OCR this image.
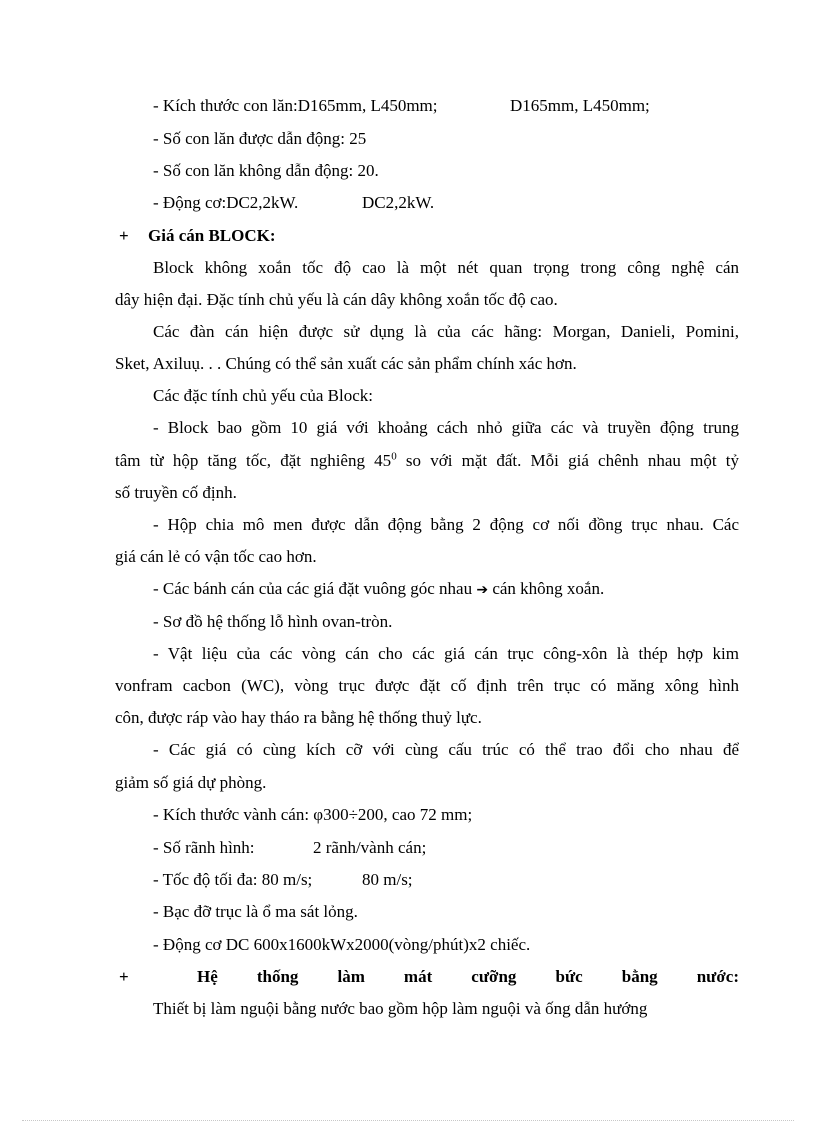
- Kích thước con lăn:D165mm, L450mm;	D165mm, L450mm;
- Số con lăn được dẫn động: 25
- Số con lăn không dẫn động: 20.
- Động cơ:DC2,2kW.	DC2,2kW.
+ Giá cán BLOCK:
Block không xoắn tốc độ cao là một nét quan trọng trong công nghệ cán
dây hiện đại. Đặc tính chủ yếu là cán dây không xoắn tốc độ cao.
Các đàn cán hiện được sử dụng là của các hãng: Morgan, Danieli, Pomini,
Sket, Axiluụ. . . Chúng có thể sản xuất các sản phẩm chính xác hơn.
Các đặc tính chủ yếu của Block:
- Block bao gồm 10 giá với khoảng cách nhỏ giữa các và truyền động trung
tâm từ hộp tăng tốc, đặt nghiêng $45^0$ so với mặt đất. Mỗi giá chênh nhau một tỷ
số truyền cố định.
- Hộp chia mô men được dẫn động bằng 2 động cơ nối đồng trục nhau. Các
giá cán lẻ có vận tốc cao hơn.
- Các bánh cán của các giá đặt vuông góc nhau ➔ cán không xoắn.
- Sơ đồ hệ thống lỗ hình ovan-tròn.
- Vật liệu của các vòng cán cho các giá cán trục công-xôn là thép hợp kim
vonfram cacbon (WC), vòng trục được đặt cố định trên trục có măng xông hình
côn, được ráp vào hay tháo ra bằng hệ thống thuỷ lực.
- Các giá có cùng kích cỡ với cùng cấu trúc có thể trao đổi cho nhau để
giảm số giá dự phòng.
- Kích thước vành cán: φ300÷200, cao 72 mm;
- Số rãnh hình:	2 rãnh/vành cán;
- Tốc độ tối đa: 80 m/s;	80 m/s;
- Bạc đỡ trục là ổ ma sát lỏng.
- Động cơ DC 600x1600kWx2000(vòng/phút)x2 chiếc.
+	Hệ thống làm mát cưỡng bức bằng nước:
Thiết bị làm nguội bằng nước bao gồm hộp làm nguội và ống dẫn hướng
